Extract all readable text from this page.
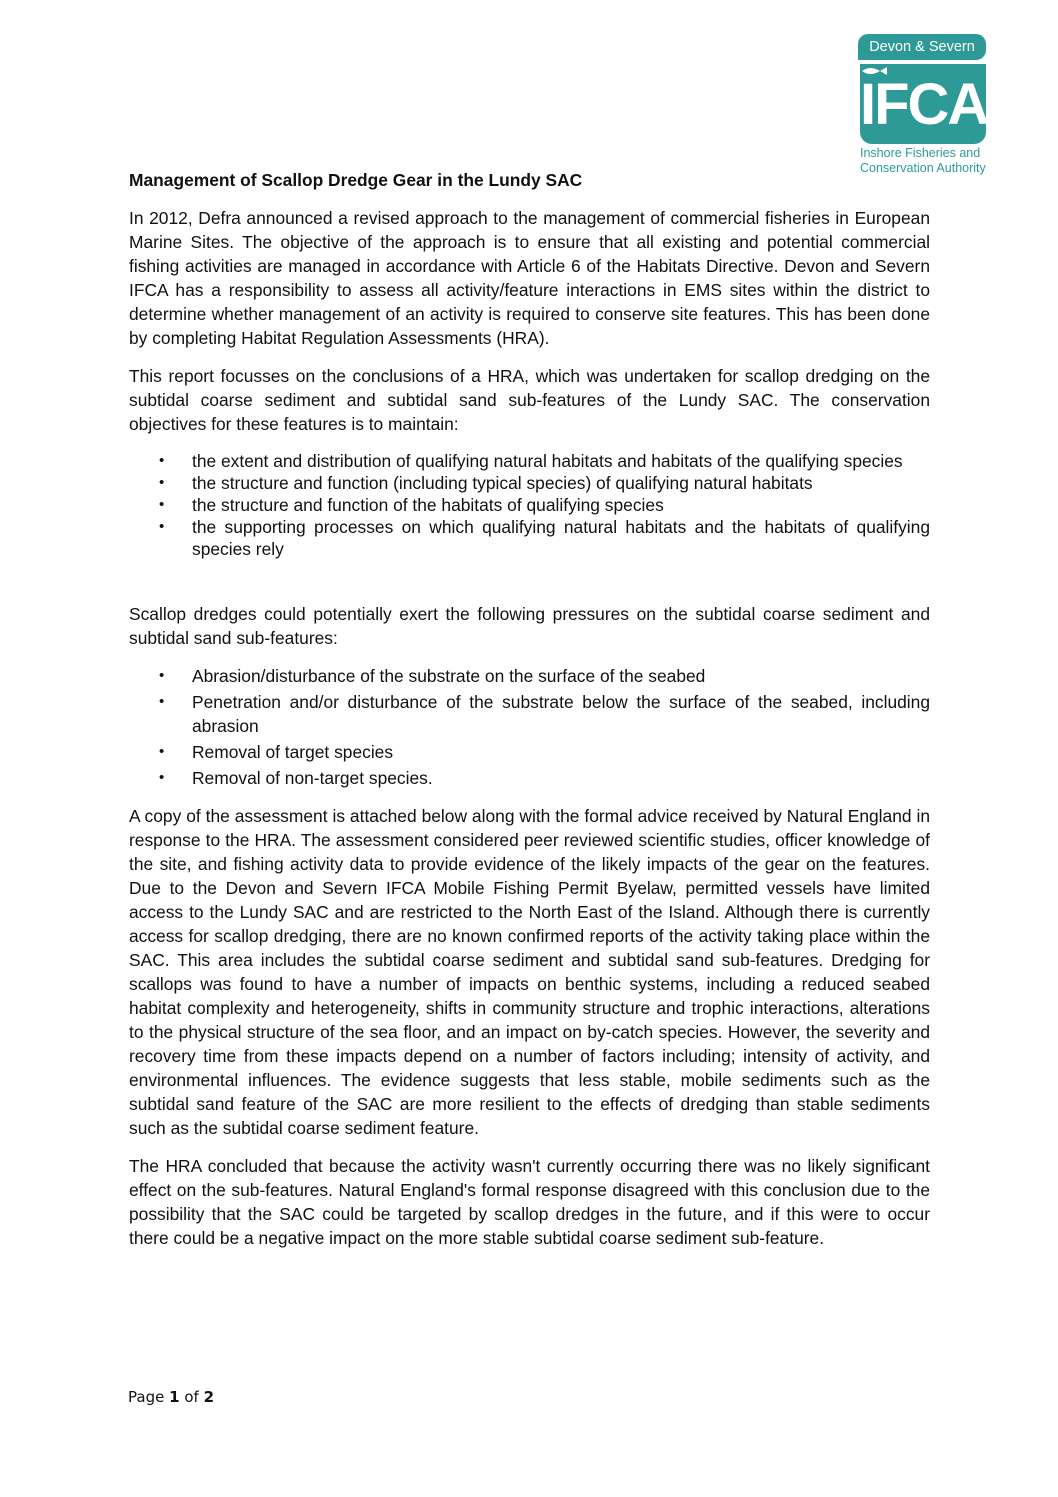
Devon & Severn
IFCA
Inshore Fisheries and
Conservation Authority
Management of Scallop Dredge Gear in the Lundy SAC

In 2012, Defra announced a revised approach to the management of commercial fisheries in European Marine Sites. The objective of the approach is to ensure that all existing and potential commercial fishing activities are managed in accordance with Article 6 of the Habitats Directive. Devon and Severn IFCA has a responsibility to assess all activity/feature interactions in EMS sites within the district to determine whether management of an activity is required to conserve site features. This has been done by completing Habitat Regulation Assessments (HRA).

This report focusses on the conclusions of a HRA, which was undertaken for scallop dredging on the subtidal coarse sediment and subtidal sand sub-features of the Lundy SAC. The conservation objectives for these features is to maintain:

• the extent and distribution of qualifying natural habitats and habitats of the qualifying species
• the structure and function (including typical species) of qualifying natural habitats
• the structure and function of the habitats of qualifying species
• the supporting processes on which qualifying natural habitats and the habitats of qualifying species rely

Scallop dredges could potentially exert the following pressures on the subtidal coarse sediment and subtidal sand sub-features:

• Abrasion/disturbance of the substrate on the surface of the seabed
• Penetration and/or disturbance of the substrate below the surface of the seabed, including abrasion
• Removal of target species
• Removal of non-target species.

A copy of the assessment is attached below along with the formal advice received by Natural England in response to the HRA. The assessment considered peer reviewed scientific studies, officer knowledge of the site, and fishing activity data to provide evidence of the likely impacts of the gear on the features. Due to the Devon and Severn IFCA Mobile Fishing Permit Byelaw, permitted vessels have limited access to the Lundy SAC and are restricted to the North East of the Island. Although there is currently access for scallop dredging, there are no known confirmed reports of the activity taking place within the SAC. This area includes the subtidal coarse sediment and subtidal sand sub-features. Dredging for scallops was found to have a number of impacts on benthic systems, including a reduced seabed habitat complexity and heterogeneity, shifts in community structure and trophic interactions, alterations to the physical structure of the sea floor, and an impact on by-catch species. However, the severity and recovery time from these impacts depend on a number of factors including; intensity of activity, and environmental influences. The evidence suggests that less stable, mobile sediments such as the subtidal sand feature of the SAC are more resilient to the effects of dredging than stable sediments such as the subtidal coarse sediment feature.

The HRA concluded that because the activity wasn't currently occurring there was no likely significant effect on the sub-features. Natural England's formal response disagreed with this conclusion due to the possibility that the SAC could be targeted by scallop dredges in the future, and if this were to occur there could be a negative impact on the more stable subtidal coarse sediment sub-feature.

Page 1 of 2
